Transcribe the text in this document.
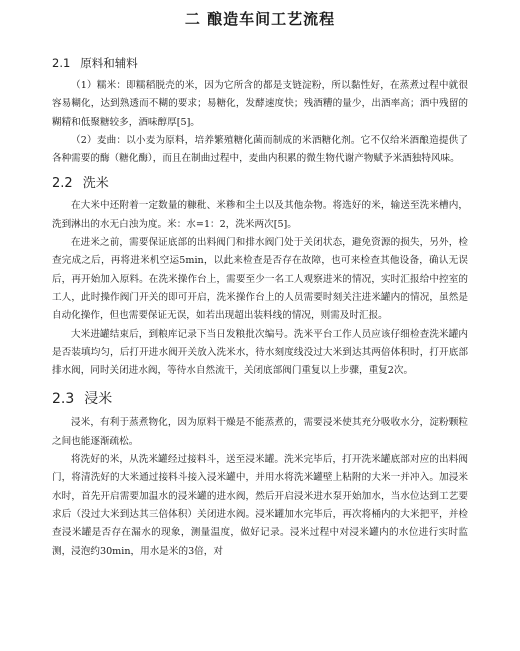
二 酿造车间工艺流程
2.1 原料和辅料

（1）糯米：即糯稻脱壳的米，因为它所含的都是支链淀粉，所以黏性好，在蒸煮过程中就很容易糊化，达到熟透而不糊的要求；易糖化，发酵速度快；残酒糟的量少，出酒率高；酒中残留的糊精和低聚糖较多，酒味醇厚[5]。

（2）麦曲：以小麦为原料，培养繁殖糖化菌而制成的米酒糖化剂。它不仅给米酒酿造提供了各种需要的酶（糖化酶），而且在制曲过程中，麦曲内积累的微生物代谢产物赋予米酒独特风味。

2.2 洗米

在大米中还附着一定数量的糠秕、米糁和尘土以及其他杂物。将选好的米，输送至洗米槽内，洗到淋出的水无白浊为度。米：水=1：2，洗米两次[5]。

在进米之前，需要保证底部的出料阀门和排水阀门处于关闭状态，避免资源的损失，另外，检查完成之后，再将进米机空运5min，以此来检查是否存在故障，也可来检查其他设备，确认无误后，再开始加入原料。在洗米操作台上，需要至少一名工人观察进米的情况，实时汇报给中控室的工人，此时操作阀门开关的即可开启，洗米操作台上的人员需要时刻关注进米罐内的情况，虽然是自动化操作，但也需要保证无误，如若出现超出装料线的情况，则需及时汇报。

大米进罐结束后，到粮库记录下当日发粮批次编号。洗米平台工作人员应该仔细检查洗米罐内是否装填均匀，后打开进水阀开关放入洗米水，待水刻度线没过大米到达其两倍体积时，打开底部排水阀，同时关闭进水阀，等待水自然流干，关闭底部阀门重复以上步骤，重复2次。

2.3 浸米

浸米，有利于蒸煮物化，因为原料干燥是不能蒸煮的，需要浸米使其充分吸收水分，淀粉颗粒之间也能逐渐疏松。

将洗好的米，从洗米罐经过接料斗，送至浸米罐。洗米完毕后，打开洗米罐底部对应的出料阀门，将清洗好的大米通过接料斗接入浸米罐中，并用水将洗米罐壁上粘附的大米一并冲入。加浸米水时，首先开启需要加温水的浸米罐的进水阀，然后开启浸米进水泵开始加水，当水位达到工艺要求后（没过大米到达其三倍体积）关闭进水阀。浸米罐加水完毕后，再次将桶内的大米把平，并检查浸米罐是否存在漏水的现象，测量温度，做好记录。浸米过程中对浸米罐内的水位进行实时监测，浸泡约30min，用水是米的3倍，对
